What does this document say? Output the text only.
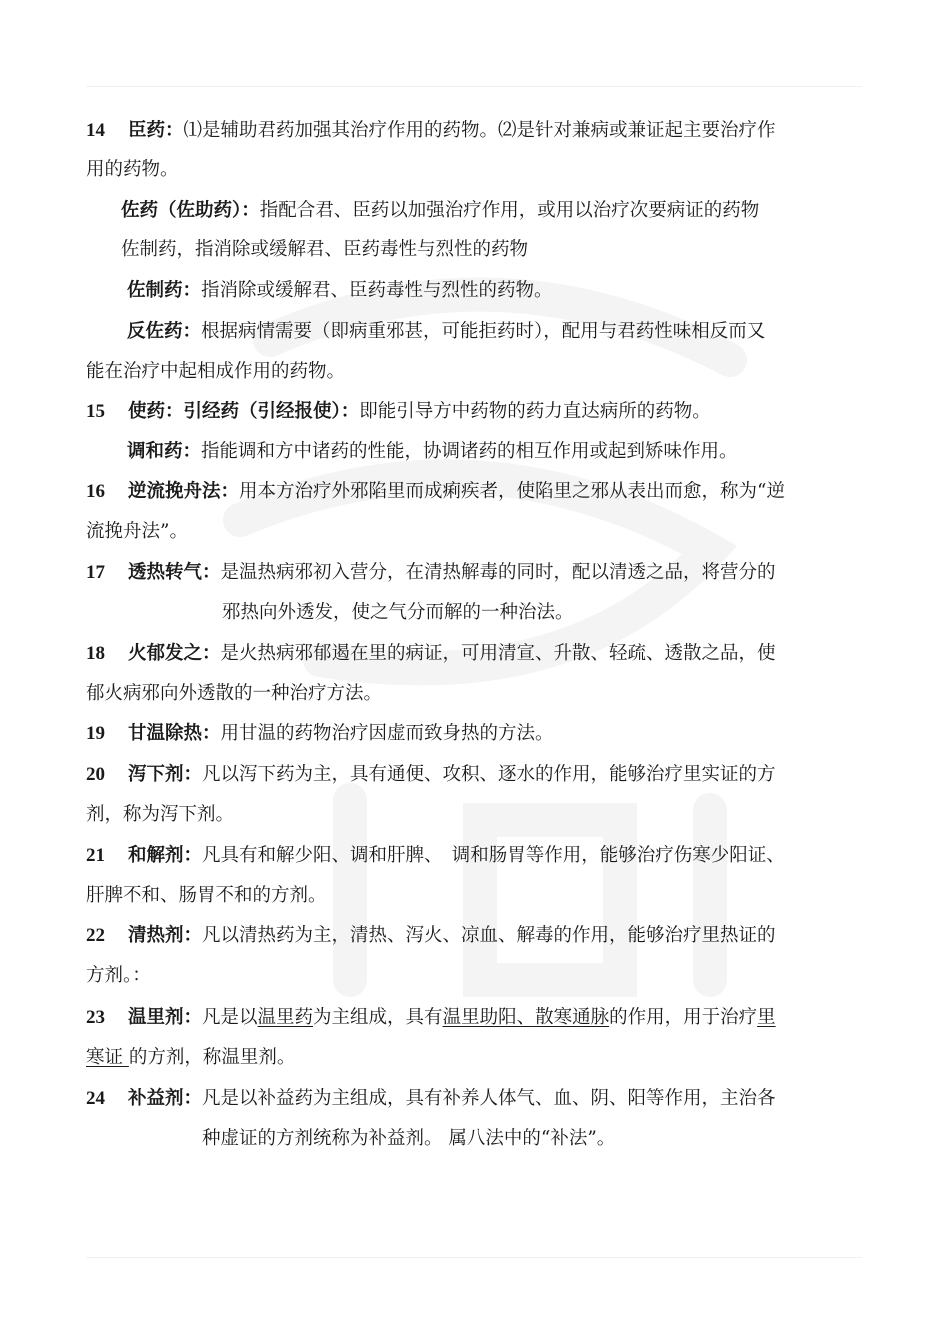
14 臣药：⑴是辅助君药加强其治疗作用的药物。⑵是针对兼病或兼证起主要治疗作
用的药物。
佐药（佐助药）：指配合君、臣药以加强治疗作用，或用以治疗次要病证的药物
佐制药，指消除或缓解君、臣药毒性与烈性的药物
佐制药：指消除或缓解君、臣药毒性与烈性的药物。
反佐药：根据病情需要（即病重邪甚，可能拒药时），配用与君药性味相反而又
能在治疗中起相成作用的药物。
15 使药：引经药（引经报使）：即能引导方中药物的药力直达病所的药物。
调和药：指能调和方中诸药的性能，协调诸药的相互作用或起到矫味作用。
16 逆流挽舟法：用本方治疗外邪陷里而成痢疾者，使陷里之邪从表出而愈，称为“逆
流挽舟法”。
17 透热转气：是温热病邪初入营分，在清热解毒的同时，配以清透之品，将营分的
邪热向外透发，使之气分而解的一种治法。
18 火郁发之：是火热病邪郁遏在里的病证，可用清宣、升散、轻疏、透散之品，使
郁火病邪向外透散的一种治疗方法。
19 甘温除热：用甘温的药物治疗因虚而致身热的方法。
20 泻下剂：凡以泻下药为主，具有通便、攻积、逐水的作用，能够治疗里实证的方
剂，称为泻下剂。
21 和解剂：凡具有和解少阳、调和肝脾、　调和肠胃等作用，能够治疗伤寒少阳证、
肝脾不和、肠胃不和的方剂。
22 清热剂：凡以清热药为主，清热、泻火、凉血、解毒的作用，能够治疗里热证的
方剂。：
23 温里剂：凡是以温里药为主组成，具有温里助阳、散寒通脉的作用，用于治疗里
寒证 的方剂，称温里剂。
24 补益剂：凡是以补益药为主组成，具有补养人体气、血、阴、阳等作用，主治各
种虚证的方剂统称为补益剂。 属八法中的“补法”。
